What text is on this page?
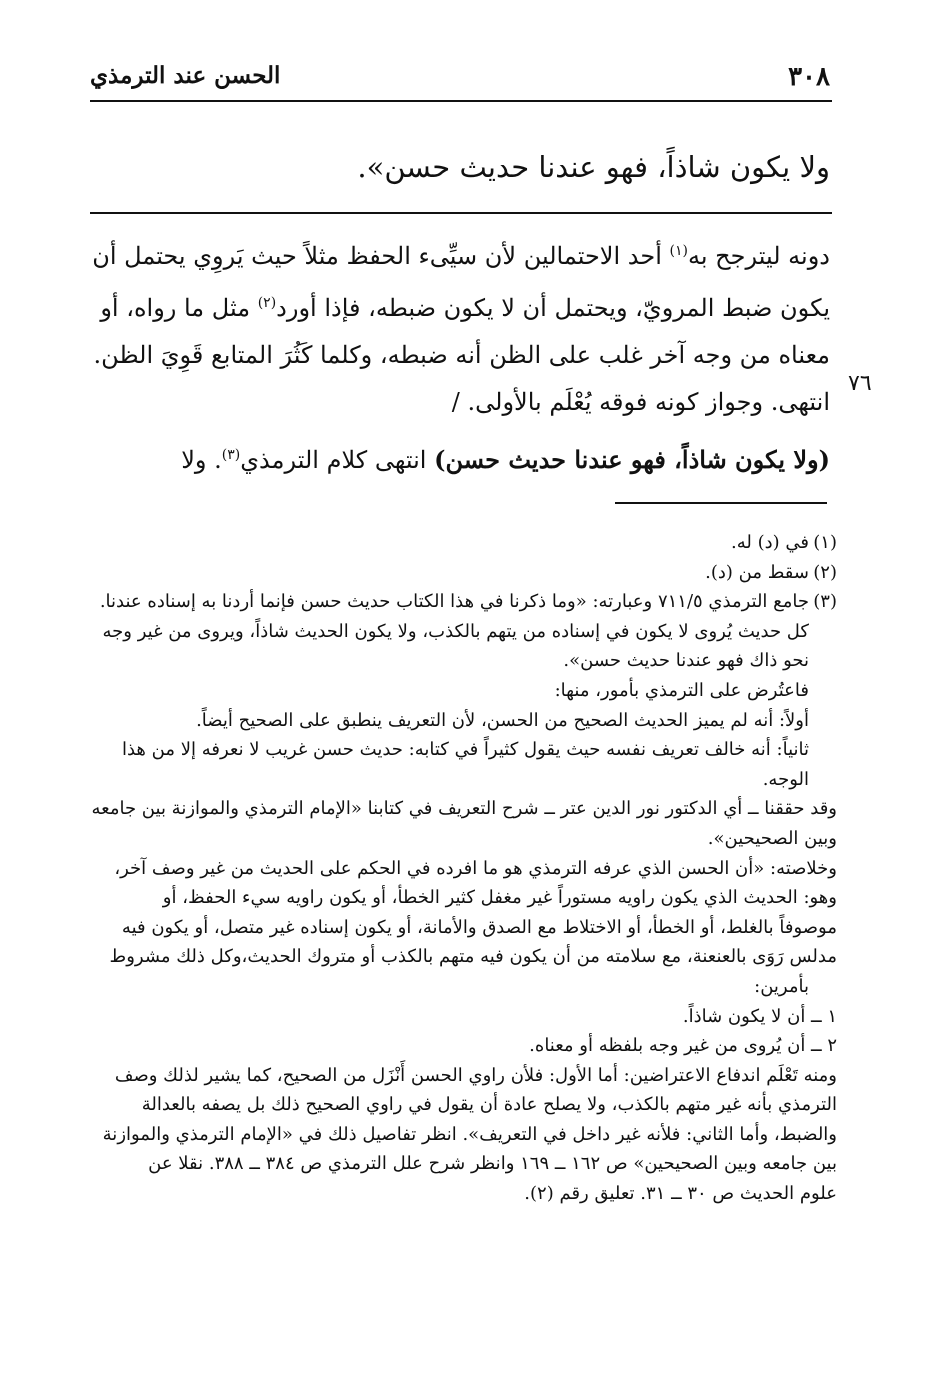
٣٠٨
الحسن عند الترمذي
ولا يكون شاذاً، فهو عندنا حديث حسن».

دونه ليترجح به$^{(١)}$ أحد الاحتمالين لأن سيِّىء الحفظ مثلاً حيث يَروِي يحتمل أن

يكون ضبط المرويّ، ويحتمل أن لا يكون ضبطه، فإذا أورد$^{(٢)}$ مثل ما رواه، أو

معناه من وجه آخر غلب على الظن أنه ضبطه، وكلما كَثُرَ المتابع قَوِيَ الظن.

انتهى. وجواز كونه فوقه يُعْلَم بالأولى. /

(ولا يكون شاذاً، فهو عندنا حديث حسن) انتهى كلام الترمذي$^{(٣)}$. ولا

٧٦
(١)في (د) له.
(٢)سقط من (د).
(٣)جامع الترمذي ٧١١/٥ وعبارته: «وما ذكرنا في هذا الكتاب حديث حسن فإنما أردنا به إسناده عندنا.
كل حديث يُروى لا يكون في إسناده من يتهم بالكذب، ولا يكون الحديث شاذاً، ويروى من غير وجه
نحو ذاك فهو عندنا حديث حسن».
فاعتُرض على الترمذي بأمور، منها:
أولاً: أنه لم يميز الحديث الصحيح من الحسن، لأن التعريف ينطبق على الصحيح أيضاً.
ثانياً: أنه خالف تعريف نفسه حيث يقول كثيراً في كتابه: حديث حسن غريب لا نعرفه إلا من هذا
الوجه.
وقد حققنا ــ أي الدكتور نور الدين عتر ــ شرح التعريف في كتابنا «الإمام الترمذي والموازنة بين جامعه
وبين الصحيحين».
وخلاصته: «أن الحسن الذي عرفه الترمذي هو ما افرده في الحكم على الحديث من غير وصف آخر،
وهو: الحديث الذي يكون راويه مستوراً غير مغفل كثير الخطأ، أو يكون راويه سيء الحفظ، أو
موصوفاً بالغلط، أو الخطأ، أو الاختلاط مع الصدق والأمانة، أو يكون إسناده غير متصل، أو يكون فيه
مدلس رَوَى بالعنعنة، مع سلامته من أن يكون فيه متهم بالكذب أو متروك الحديث،وكل ذلك مشروط
بأمرين:
١ ــ أن لا يكون شاذاً.
٢ ــ أن يُروى من غير وجه بلفظه أو معناه.
ومنه تَعْلَم اندفاع الاعتراضين: أما الأول: فلأن راوي الحسن أَنْزَل من الصحيح، كما يشير لذلك وصف
الترمذي بأنه غير متهم بالكذب، ولا يصلح عادة أن يقول في راوي الصحيح ذلك بل يصفه بالعدالة
والضبط، وأما الثاني: فلأنه غير داخل في التعريف». انظر تفاصيل ذلك في «الإمام الترمذي والموازنة
بين جامعه وبين الصحيحين» ص ١٦٢ ــ ١٦٩ وانظر شرح علل الترمذي ص ٣٨٤ ــ ٣٨٨. نقلا عن
علوم الحديث ص ٣٠ ــ ٣١. تعليق رقم (٢).
